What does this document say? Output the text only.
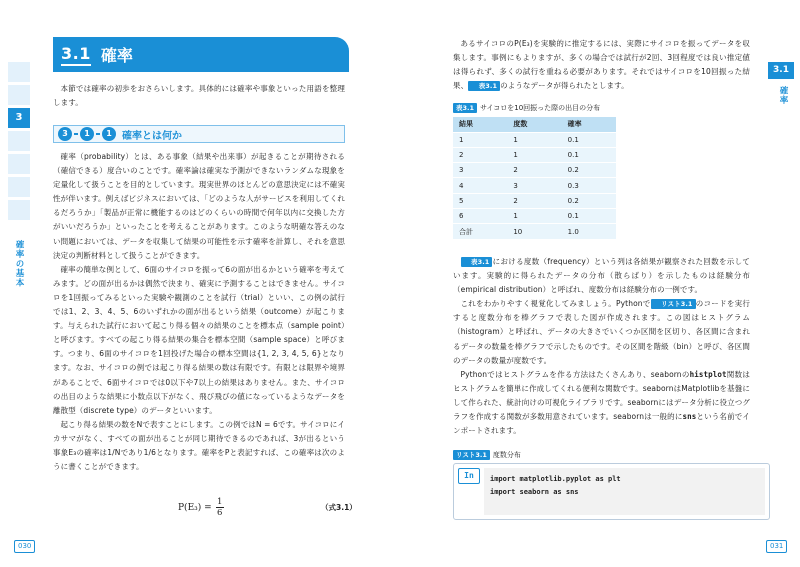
3
確率の基本
3.1 確率

本節では確率の初歩をおさらいします。具体的には確率や事象といった用語を整理します。

3	1	1	確率とは何か

確率（probability）とは、ある事象（結果や出来事）が起きることが期待される（確信できる）度合いのことです。確率論は確実な予測ができないランダムな現象を定量化して扱うことを目的としています。現実世界のほとんどの意思決定には不確実性が伴います。例えばビジネスにおいては、「どのような人がサービスを利用してくれるだろうか」「製品が正常に機能するのはどのくらいの時間で何年以内に交換した方がいいだろうか」といったことを考えることがあります。このような明確な答えのない問題においては、データを収集して結果の可能性を示す確率を計算し、それを意思決定の判断材料として扱うことができます。

確率の簡単な例として、6面のサイコロを振って6の面が出るかという確率を考えてみます。どの面が出るかは偶然で決まり、確実に予測することはできません。サイコロを1回振ってみるといった実験や観測のことを試行（trial）といい、この例の試行では1、2、3、4、5、6のいずれかの面が出るという結果（outcome）が起こります。与えられた試行において起こり得る個々の結果のことを標本点（sample point）と呼びます。すべての起こり得る結果の集合を標本空間（sample space）と呼びます。つまり、6面のサイコロを1回投げた場合の標本空間は{1, 2, 3, 4, 5, 6}となります。なお、サイコロの例では起こり得る結果の数は有限です。有限とは限界や境界があることで、6面サイコロでは0以下や7以上の結果はありません。また、サイコロの出目のような結果に小数点以下がなく、飛び飛びの値になっているようなデータを離散型（discrete type）のデータといいます。

起こり得る結果の数をNで表すことにします。この例ではN = 6です。サイコロにイカサマがなく、すべての面が出ることが同じ期待できるのであれば、3が出るという事象E₃の確率は1/Nであり1/6となります。確率をPと表記すれば、この確率は次のように書くことができます。

$P(E_3) = \frac{1}{6}$	（式3.1）
030
3.1
確率

あるサイコロのP(E₃)を実験的に推定するには、実際にサイコロを振ってデータを収集します。事例にもよりますが、多くの場合では試行が2回、3回程度では良い推定値は得られず、多くの試行を重ねる必要があります。それではサイコロを10回振った結果、 表3.1 のようなデータが得られたとします。

表3.1 サイコロを10回振った際の出目の分布
結果	度数	確率
1	1	0.1
2	1	0.1
3	2	0.2
4	3	0.3
5	2	0.2
6	1	0.1
合計	10	1.0

表3.1 における度数（frequency）という列は各結果が観察された回数を示しています。実験的に得られたデータの分布（散らばり）を示したものは経験分布（empirical distribution）と呼ばれ、度数分布は経験分布の一例です。

これをわかりやすく視覚化してみましょう。Pythonで リスト3.1 のコードを実行すると度数分布を棒グラフで表した図が作成されます。この図はヒストグラム（histogram）と呼ばれ、データの大きさでいくつか区間を区切り、各区間に含まれるデータの数量を棒グラフで示したものです。その区間を階級（bin）と呼び、各区間のデータの数量が度数です。

Pythonではヒストグラムを作る方法はたくさんあり、seabornのhistplot関数はヒストグラムを簡単に作成してくれる便利な関数です。seabornはMatplotlibを基盤にして作られた、統計向けの可視化ライブラリです。seabornにはデータ分析に役立つグラフを作成する関数が多数用意されています。seabornは一般的にsnsという名前でインポートされます。

リスト3.1 度数分布
In	import matplotlib.pyplot as plt
import seaborn as sns
031
